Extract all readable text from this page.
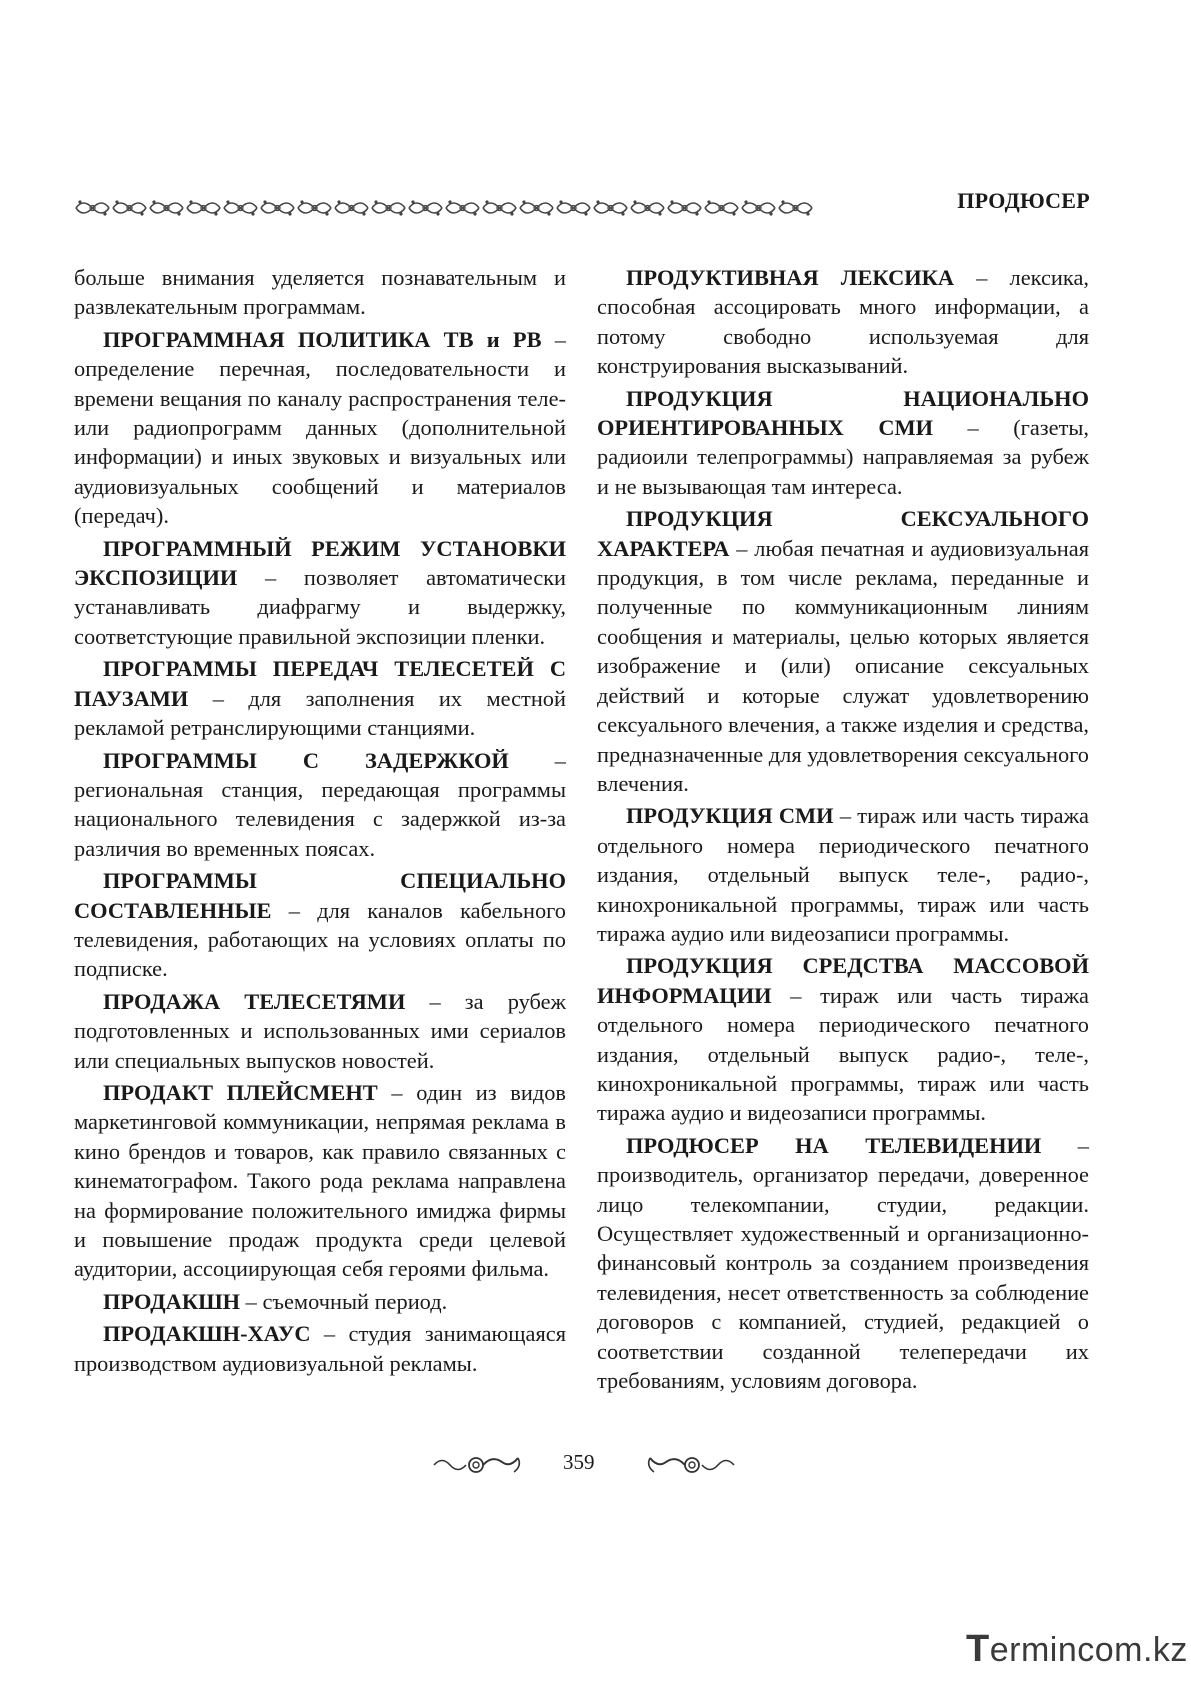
ПРОДЮСЕР

больше внимания уделяется познавательным и развлекательным программам.

ПРОГРАММНАЯ ПОЛИТИКА ТВ и РВ – определение перечная, последовательности и времени вещания по каналу распространения теле- или радиопрограмм данных (дополнительной информации) и иных звуковых и визуальных или аудиовизуальных сообщений и материалов (передач).

ПРОГРАММНЫЙ РЕЖИМ УСТАНОВКИ ЭКСПОЗИЦИИ – позволяет автоматически устанавливать диафрагму и выдержку, соответстующие правильной экспозиции пленки.

ПРОГРАММЫ ПЕРЕДАЧ ТЕЛЕСЕТЕЙ С ПАУЗАМИ – для заполнения их местной рекламой ретранслирующими станциями.

ПРОГРАММЫ С ЗАДЕРЖКОЙ – региональная станция, передающая программы национального телевидения с задержкой из-за различия во временных поясах.

ПРОГРАММЫ СПЕЦИАЛЬНО СОСТАВЛЕННЫЕ – для каналов кабельного телевидения, работающих на условиях оплаты по подписке.

ПРОДАЖА ТЕЛЕСЕТЯМИ – за рубеж подготовленных и использованных ими сериалов или специальных выпусков новостей.

ПРОДАКТ ПЛЕЙСМЕНТ – один из видов маркетинговой коммуникации, непрямая реклама в кино брендов и товаров, как правило связанных с кинематографом. Такого рода реклама направлена на формирование положительного имиджа фирмы и повышение продаж продукта среди целевой аудитории, ассоциирующая себя героями фильма.

ПРОДАКШН – съемочный период.

ПРОДАКШН-ХАУС – студия занимающаяся производством аудиовизуальной рекламы.

ПРОДУКТИВНАЯ ЛЕКСИКА – лексика, способная ассоцировать много информации, а потому свободно используемая для конструирования высказываний.

ПРОДУКЦИЯ НАЦИОНАЛЬНО ОРИЕНТИРОВАННЫХ СМИ – (газеты, радиоили телепрограммы) направляемая за рубеж и не вызывающая там интереса.

ПРОДУКЦИЯ СЕКСУАЛЬНОГО ХАРАКТЕРА – любая печатная и аудиовизуальная продукция, в том числе реклама, переданные и полученные по коммуникационным линиям сообщения и материалы, целью которых является изображение и (или) описание сексуальных действий и которые служат удовлетворению сексуального влечения, а также изделия и средства, предназначенные для удовлетворения сексуального влечения.

ПРОДУКЦИЯ СМИ – тираж или часть тиража отдельного номера периодического печатного издания, отдельный выпуск теле-, радио-, кинохроникальной программы, тираж или часть тиража аудио или видеозаписи программы.

ПРОДУКЦИЯ СРЕДСТВА МАССОВОЙ ИНФОРМАЦИИ – тираж или часть тиража отдельного номера периодического печатного издания, отдельный выпуск радио-, теле-, кинохроникальной программы, тираж или часть тиража аудио и видеозаписи программы.

ПРОДЮСЕР НА ТЕЛЕВИДЕНИИ – производитель, организатор передачи, доверенное лицо телекомпании, студии, редакции. Осуществляет художественный и организационно-финансовый контроль за созданием произведения телевидения, несет ответственность за соблюдение договоров с компанией, студией, редакцией о соответствии созданной телепередачи их требованиям, условиям договора.

359
Termincom.kz
